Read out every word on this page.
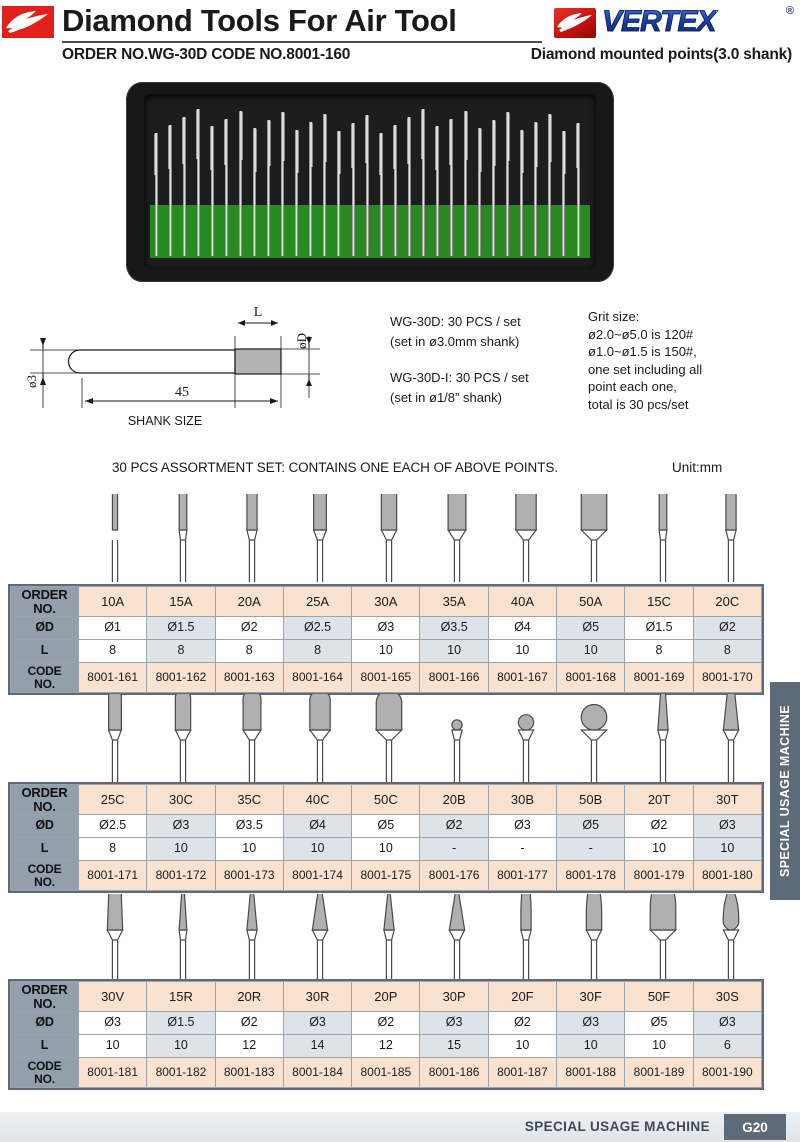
Diamond Tools For Air Tool
ORDER NO.WG-30D CODE NO.8001-160	Diamond mounted points(3.0 shank)
VERTEX	®
L
øD
ø3
45
SHANK SIZE
WG-30D: 30 PCS / set
(set in ø3.0mm shank)
WG-30D-I: 30 PCS / set
(set in ø1/8” shank)
Grit size:
ø2.0~ø5.0 is 120#
ø1.0~ø1.5 is 150#,
one set including all
point each one,
total is 30 pcs/set
30 PCS ASSORTMENT SET: CONTAINS ONE EACH OF ABOVE POINTS.	Unit:mm
ORDER
NO.	10A	15A	20A	25A	30A	35A	40A	50A	15C	20C
ØD	Ø1	Ø1.5	Ø2	Ø2.5	Ø3	Ø3.5	Ø4	Ø5	Ø1.5	Ø2
L	8	8	8	8	10	10	10	10	8	8
CODE
NO.	8001-161	8001-162	8001-163	8001-164	8001-165	8001-166	8001-167	8001-168	8001-169	8001-170
ORDER
NO.	25C	30C	35C	40C	50C	20B	30B	50B	20T	30T
ØD	Ø2.5	Ø3	Ø3.5	Ø4	Ø5	Ø2	Ø3	Ø5	Ø2	Ø3
L	8	10	10	10	10	-	-	-	10	10
CODE
NO.	8001-171	8001-172	8001-173	8001-174	8001-175	8001-176	8001-177	8001-178	8001-179	8001-180
ORDER
NO.	30V	15R	20R	30R	20P	30P	20F	30F	50F	30S
ØD	Ø3	Ø1.5	Ø2	Ø3	Ø2	Ø3	Ø2	Ø3	Ø5	Ø3
L	10	10	12	14	12	15	10	10	10	6
CODE
NO.	8001-181	8001-182	8001-183	8001-184	8001-185	8001-186	8001-187	8001-188	8001-189	8001-190
SPECIAL USAGE MACHINE
SPECIAL USAGE MACHINE	G20
